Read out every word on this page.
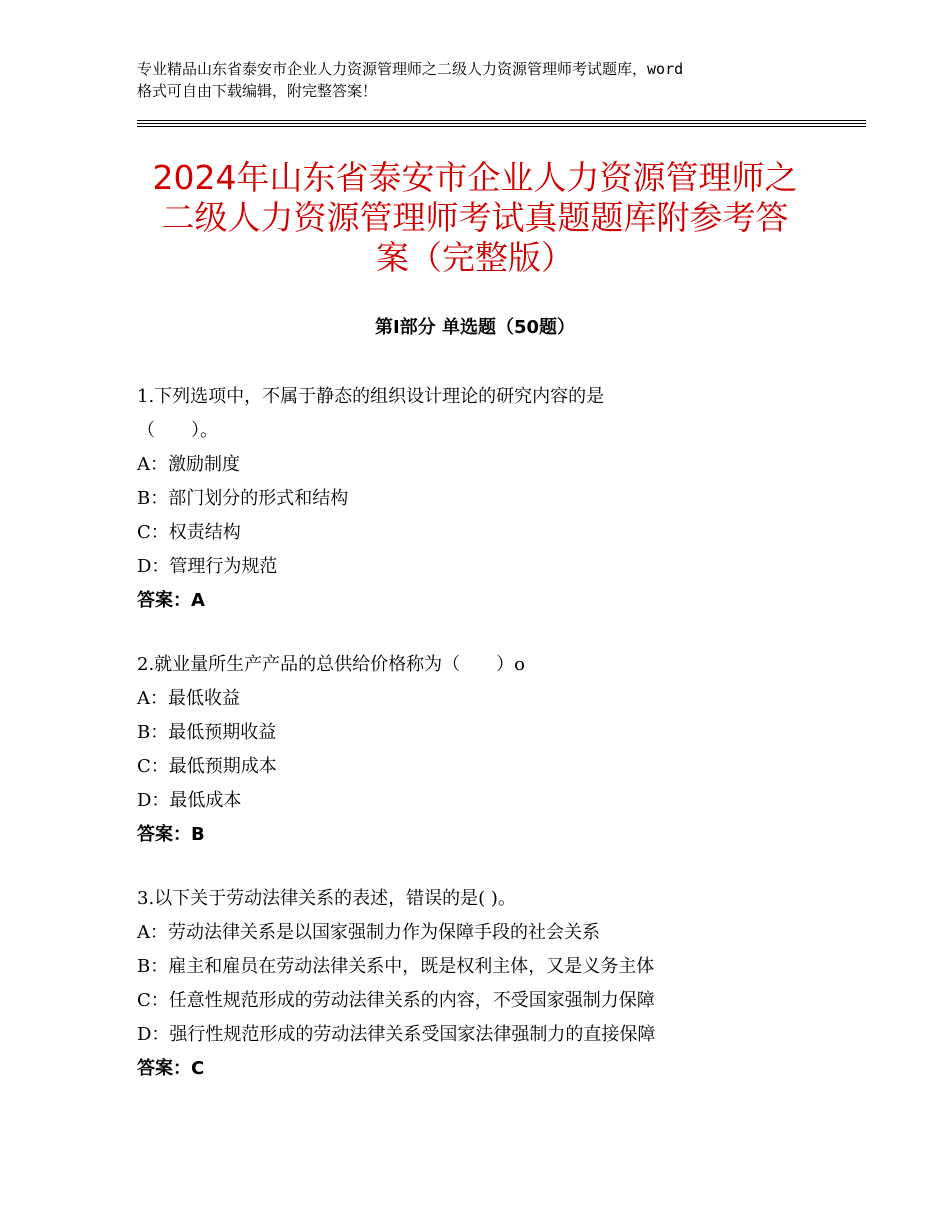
专业精品山东省泰安市企业人力资源管理师之二级人力资源管理师考试题库，word
格式可自由下载编辑，附完整答案！
2024年山东省泰安市企业人力资源管理师之
二级人力资源管理师考试真题题库附参考答
案（完整版）
第Ⅰ部分 单选题（50题）
1.下列选项中，不属于静态的组织设计理论的研究内容的是
（　　）。
A：激励制度
B：部门划分的形式和结构
C：权责结构
D：管理行为规范
答案：A
2.就业量所生产产品的总供给价格称为（　　）o
A：最低收益
B：最低预期收益
C：最低预期成本
D：最低成本
答案：B
3.以下关于劳动法律关系的表述，错误的是( )。
A：劳动法律关系是以国家强制力作为保障手段的社会关系
B：雇主和雇员在劳动法律关系中，既是权利主体，又是义务主体
C：任意性规范形成的劳动法律关系的内容，不受国家强制力保障
D：强行性规范形成的劳动法律关系受国家法律强制力的直接保障
答案：C
